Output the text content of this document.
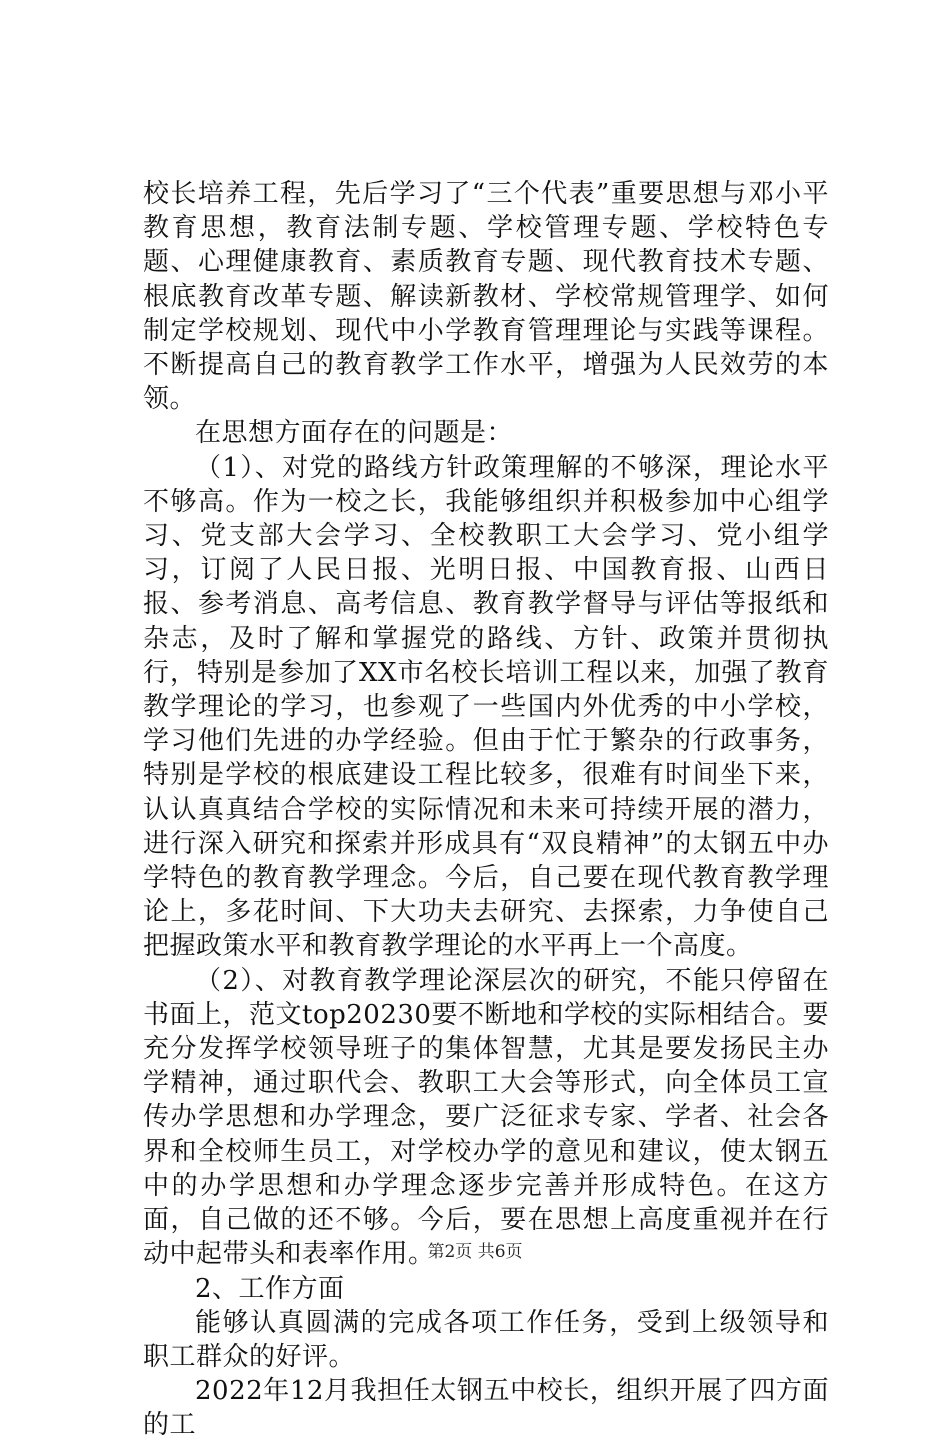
校长培养工程，先后学习了“三个代表”重要思想与邓小平教育思想，教育法制专题、学校管理专题、学校特色专题、心理健康教育、素质教育专题、现代教育技术专题、根底教育改革专题、解读新教材、学校常规管理学、如何制定学校规划、现代中小学教育管理理论与实践等课程。不断提高自己的教育教学工作水平，增强为人民效劳的本领。

在思想方面存在的问题是：

（1）、对党的路线方针政策理解的不够深，理论水平不够高。作为一校之长，我能够组织并积极参加中心组学习、党支部大会学习、全校教职工大会学习、党小组学习，订阅了人民日报、光明日报、中国教育报、山西日报、参考消息、高考信息、教育教学督导与评估等报纸和杂志，及时了解和掌握党的路线、方针、政策并贯彻执行，特别是参加了XX市名校长培训工程以来，加强了教育教学理论的学习，也参观了一些国内外优秀的中小学校，学习他们先进的办学经验。但由于忙于繁杂的行政事务，特别是学校的根底建设工程比较多，很难有时间坐下来，认认真真结合学校的实际情况和未来可持续开展的潜力，进行深入研究和探索并形成具有“双良精神”的太钢五中办学特色的教育教学理念。今后，自己要在现代教育教学理论上，多花时间、下大功夫去研究、去探索，力争使自己把握政策水平和教育教学理论的水平再上一个高度。

（2）、对教育教学理论深层次的研究，不能只停留在书面上，范文top20230要不断地和学校的实际相结合。要充分发挥学校领导班子的集体智慧，尤其是要发扬民主办学精神，通过职代会、教职工大会等形式，向全体员工宣传办学思想和办学理念，要广泛征求专家、学者、社会各界和全校师生员工，对学校办学的意见和建议，使太钢五中的办学思想和办学理念逐步完善并形成特色。在这方面，自己做的还不够。今后，要在思想上高度重视并在行动中起带头和表率作用。

2、工作方面

能够认真圆满的完成各项工作任务，受到上级领导和职工群众的好评。

2022年12月我担任太钢五中校长，组织开展了四方面的工

第2页 共6页
